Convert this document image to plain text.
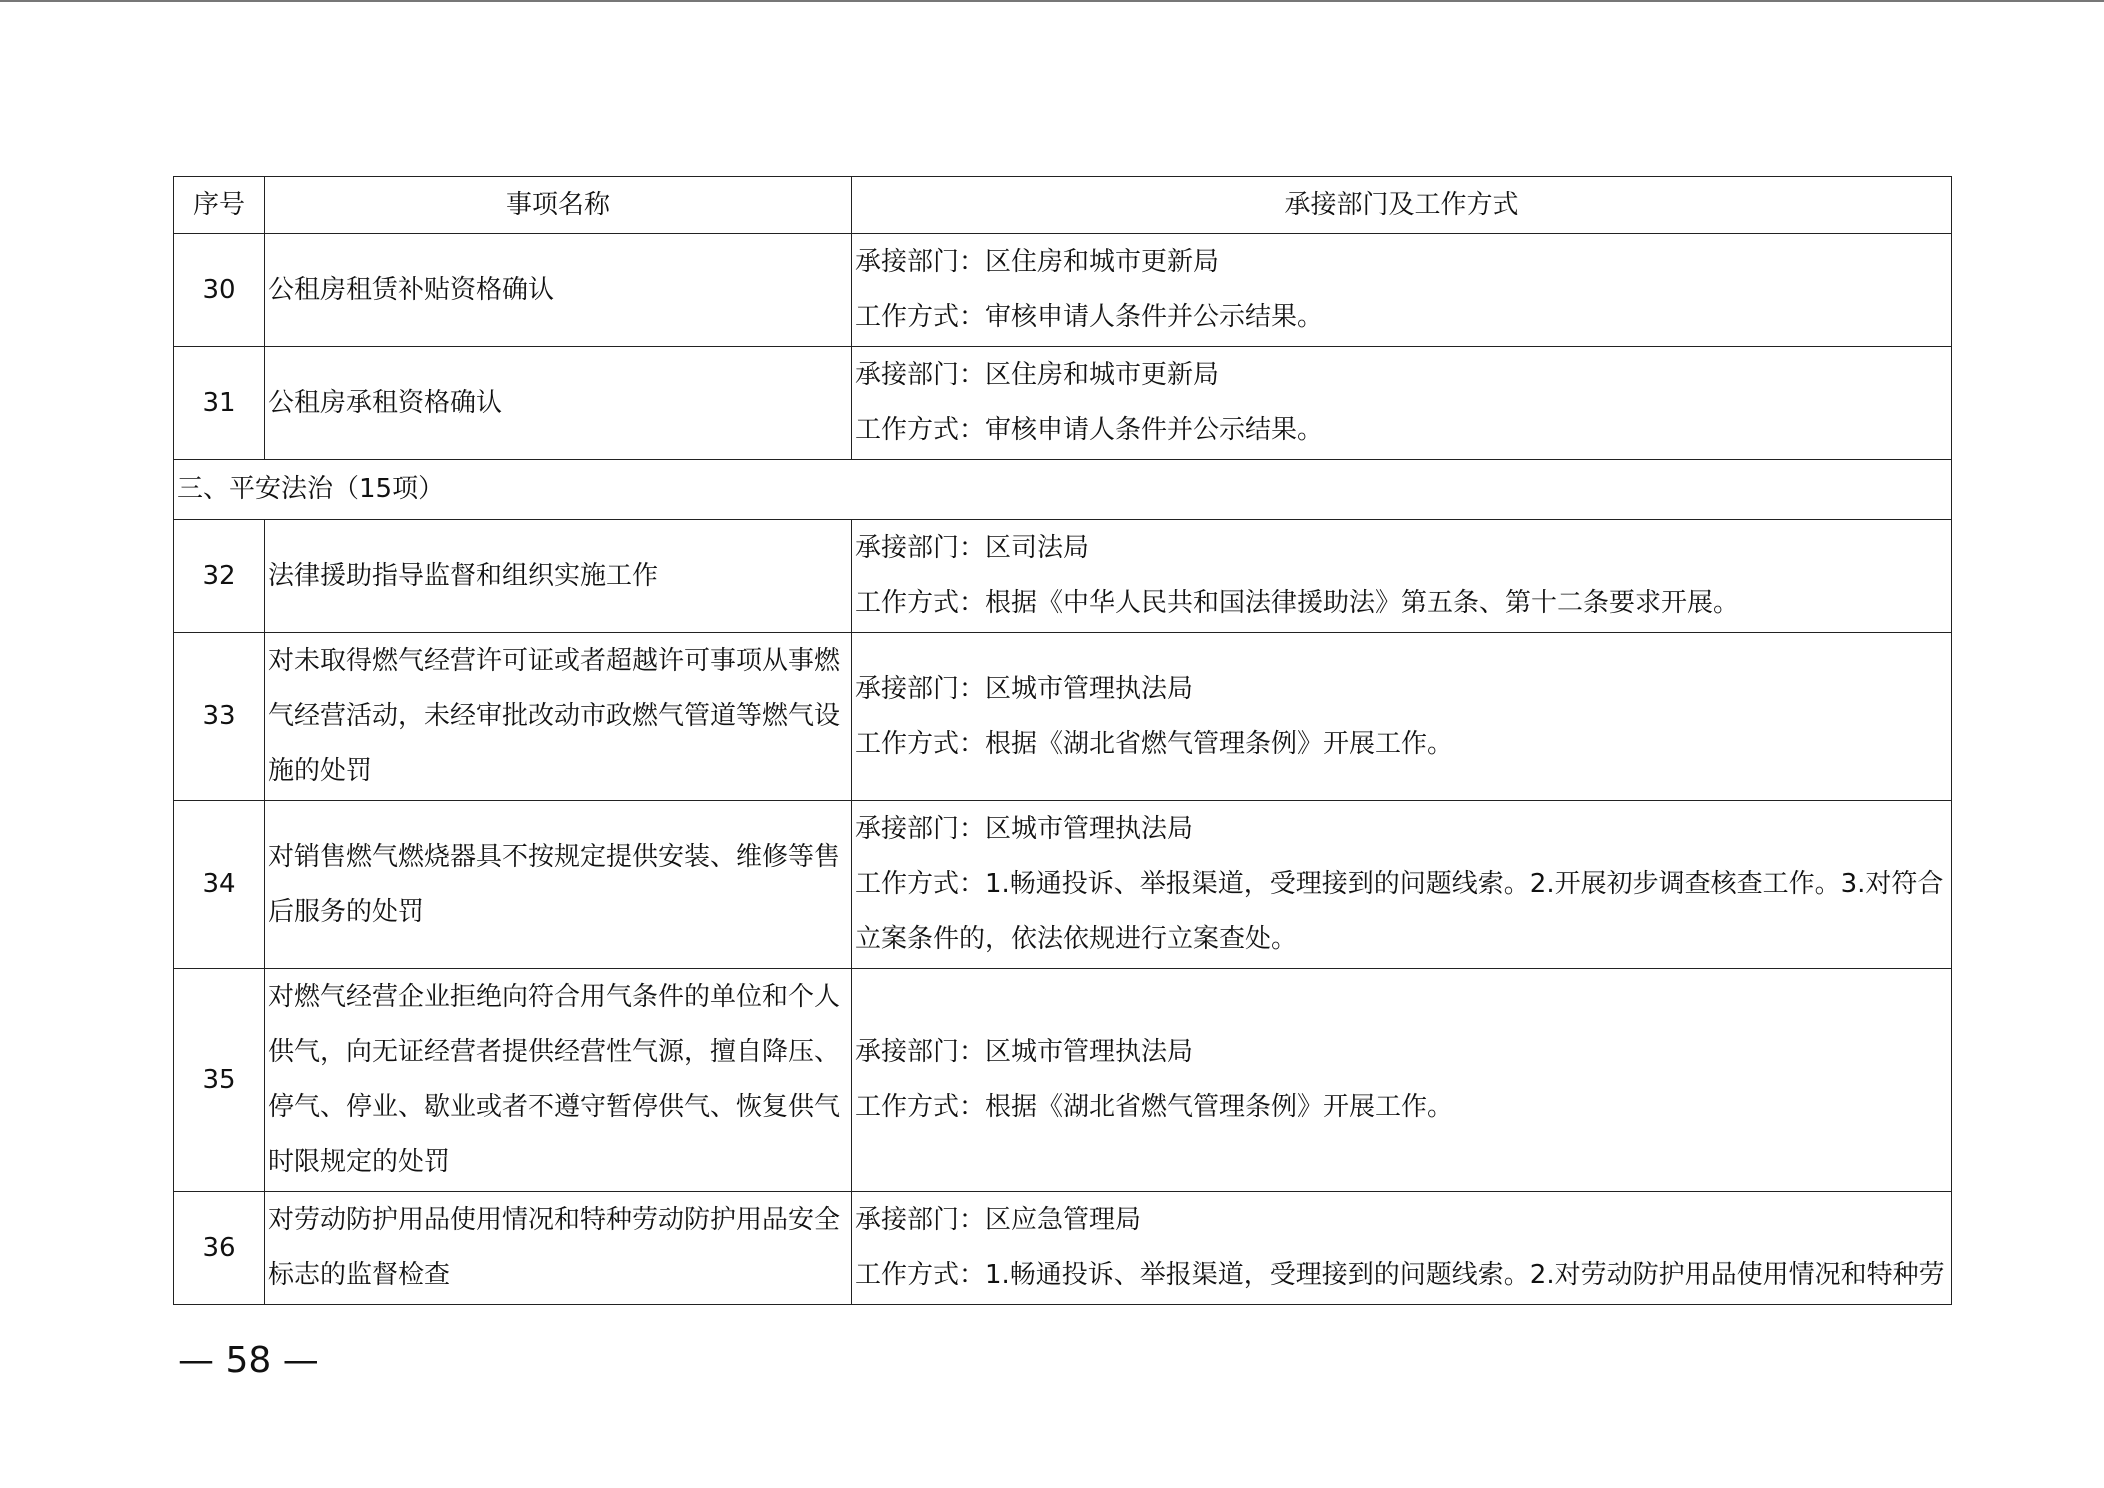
序号	事项名称	承接部门及工作方式
30	公租房租赁补贴资格确认	承接部门：区住房和城市更新局
工作方式：审核申请人条件并公示结果。

31	公租房承租资格确认	承接部门：区住房和城市更新局
工作方式：审核申请人条件并公示结果。

三、平安法治（15项）		
32	法律援助指导监督和组织实施工作	承接部门：区司法局
工作方式：根据《中华人民共和国法律援助法》第五条、第十二条要求开展。

33	对未取得燃气经营许可证或者超越许可事项从事燃
气经营活动，未经审批改动市政燃气管道等燃气设
施的处罚	承接部门：区城市管理执法局
工作方式：根据《湖北省燃气管理条例》开展工作。

34	对销售燃气燃烧器具不按规定提供安装、维修等售
后服务的处罚	承接部门：区城市管理执法局
工作方式：1.畅通投诉、举报渠道，受理接到的问题线索。2.开展初步调查核查工作。3.对符合
立案条件的，依法依规进行立案查处。

35	对燃气经营企业拒绝向符合用气条件的单位和个人
供气，向无证经营者提供经营性气源，擅自降压、
停气、停业、歇业或者不遵守暂停供气、恢复供气
时限规定的处罚	承接部门：区城市管理执法局
工作方式：根据《湖北省燃气管理条例》开展工作。

36	对劳动防护用品使用情况和特种劳动防护用品安全
标志的监督检查	承接部门：区应急管理局
工作方式：1.畅通投诉、举报渠道，受理接到的问题线索。2.对劳动防护用品使用情况和特种劳
— 58 —
